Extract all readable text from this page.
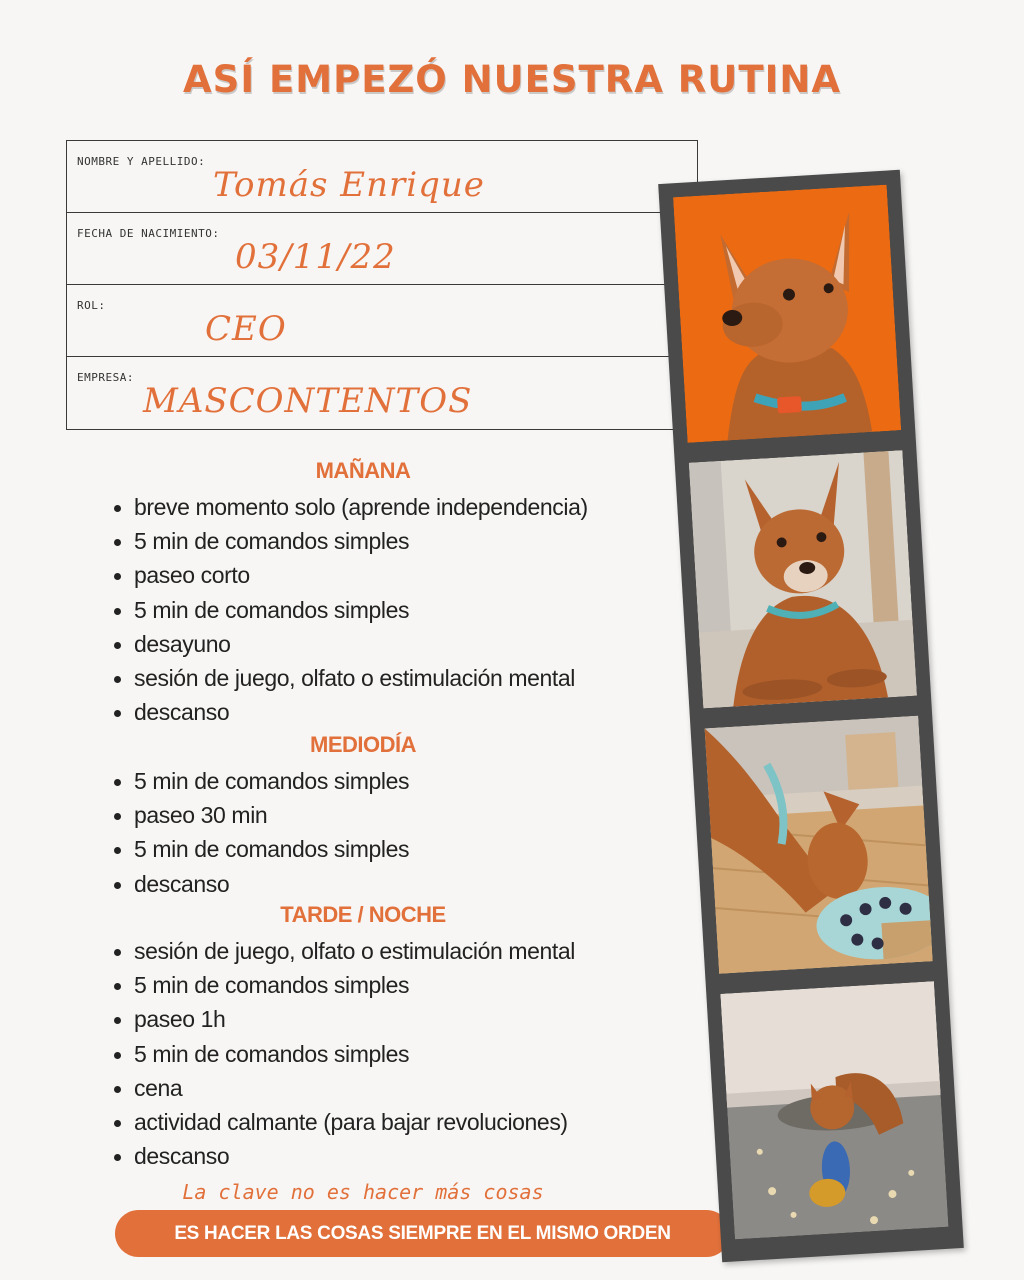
ASÍ EMPEZÓ NUESTRA RUTINA
NOMBRE Y APELLIDO:
Tomás Enrique
FECHA DE NACIMIENTO:
03/11/22
ROL:
CEO
EMPRESA:
MASCONTENTOS
MAÑANA
breve momento solo (aprende independencia)
5 min de comandos simples
paseo corto
5 min de comandos simples
desayuno
sesión de juego, olfato o estimulación mental
descanso
MEDIODÍA
5 min de comandos simples
paseo 30 min
5 min de comandos simples
descanso
TARDE / NOCHE
sesión de juego, olfato o estimulación mental
5 min de comandos simples
paseo 1h
5 min de comandos simples
cena
actividad calmante (para bajar revoluciones)
descanso
La clave no es hacer más cosas
ES HACER LAS COSAS SIEMPRE EN EL MISMO ORDEN
